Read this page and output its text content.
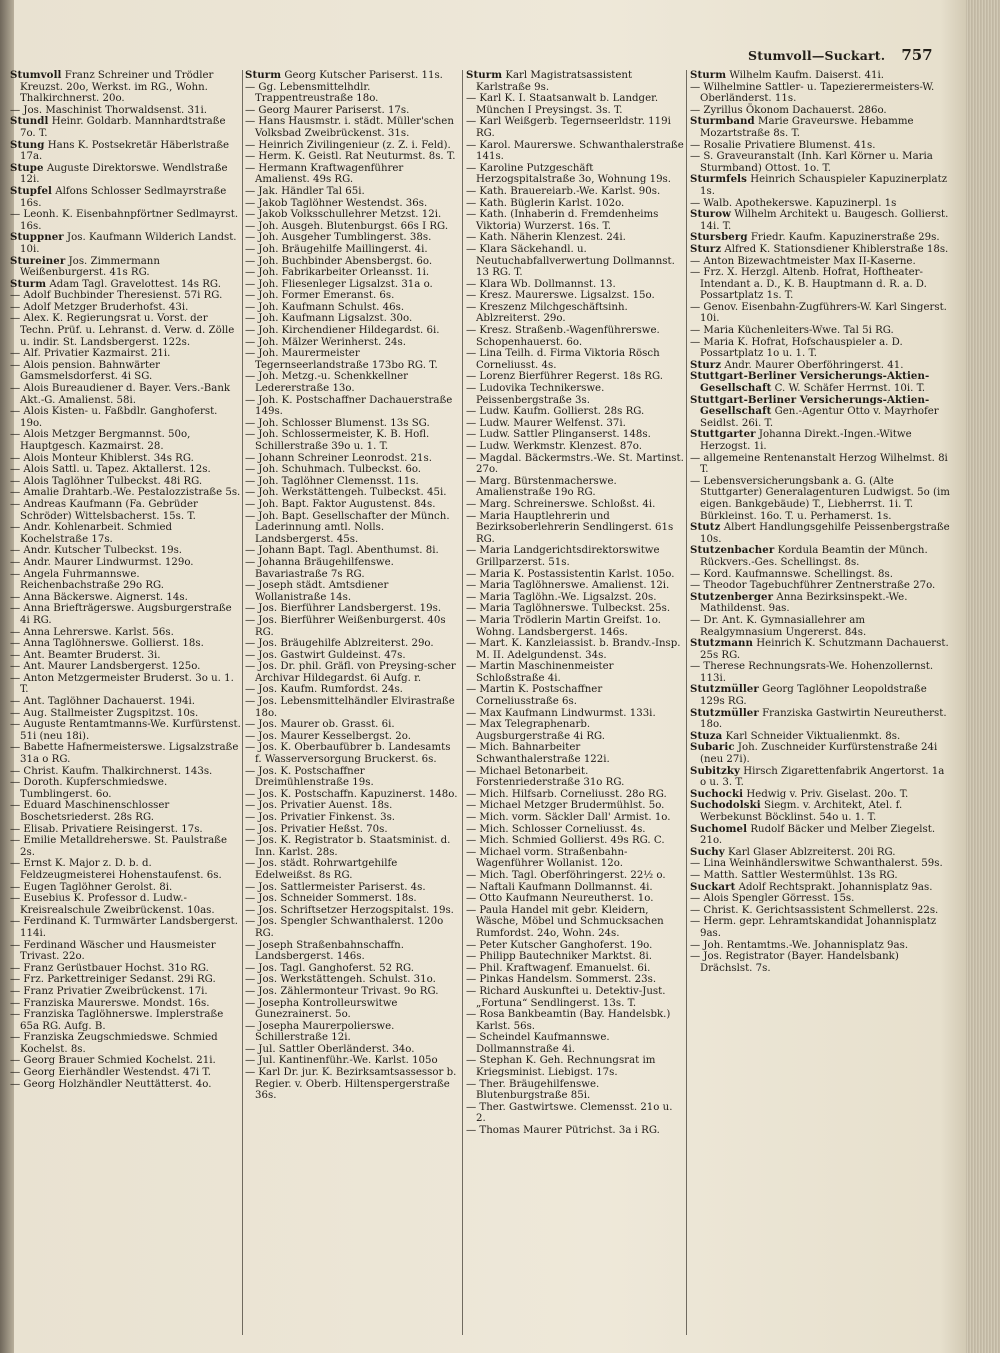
Stumvoll—Suckart. 757

Stumvoll Franz Schreiner und Trödler Kreuzst. 20o, Werkst. im RG., Wohn. Thalkirchnerst. 20o.

— Jos. Maschinist Thorwaldsenst. 31i.

Stundl Heinr. Goldarb. Mannhardtstraße 7o. T.

Stung Hans K. Postsekretär Häberlstraße 17a.

Stupe Auguste Direktorswe. Wendlstraße 12i.

Stupfel Alfons Schlosser Sedlmayrstraße 16s.

— Leonh. K. Eisenbahnpförtner Sedlmayrst. 16s.

Stuppner Jos. Kaufmann Wilderich Landst. 10i.

Stureiner Jos. Zimmermann Weißenburgerst. 41s RG.

Sturm Adam Tagl. Gravelottest. 14s RG.

— Adolf Buchbinder Theresienst. 57i RG.

— Adolf Metzger Bruderhofst. 43i.

— Alex. K. Regierungsrat u. Vorst. der Techn. Prüf. u. Lehranst. d. Verw. d. Zölle u. indir. St. Landsbergerst. 122s.

— Alf. Privatier Kazmairst. 21i.

— Alois pension. Bahnwärter Gamsmelsdorferst. 4i SG.

— Alois Bureaudiener d. Bayer. Vers.-Bank Akt.-G. Amalienst. 58i.

— Alois Kisten- u. Faßbdlr. Ganghoferst. 19o.

— Alois Metzger Bergmannst. 50o, Hauptgesch. Kazmairst. 28.

— Alois Monteur Khiblerst. 34s RG.

— Alois Sattl. u. Tapez. Aktallerst. 12s.

— Alois Taglöhner Tulbeckst. 48i RG.

— Amalie Drahtarb.-We. Pestalozzistraße 5s.

— Andreas Kaufmann (Fa. Gebrüder Schröder) Wittelsbacherst. 15s. T.

— Andr. Kohlenarbeit. Schmied Kochelstraße 17s.

— Andr. Kutscher Tulbeckst. 19s.

— Andr. Maurer Lindwurmst. 129o.

— Angela Fuhrmannswe. Reichenbachstraße 29o RG.

— Anna Bäckerswe. Aignerst. 14s.

— Anna Briefträgerswe. Augsburgerstraße 4i RG.

— Anna Lehrerswe. Karlst. 56s.

— Anna Taglöhnerswe. Gollierst. 18s.

— Ant. Beamter Bruderst. 3i.

— Ant. Maurer Landsbergerst. 125o.

— Anton Metzgermeister Bruderst. 3o u. 1. T.

— Ant. Taglöhner Dachauerst. 194i.

— Aug. Stallmeister Zugspitzst. 10s.

— Auguste Rentamtmanns-We. Kurfürstenst. 51i (neu 18i).

— Babette Hafnermeisterswe. Ligsalzstraße 31a o RG.

— Christ. Kaufm. Thalkirchnerst. 143s.

— Doroth. Kupferschmiedswe. Tumblingerst. 6o.

— Eduard Maschinenschlosser Boschetsriederst. 28s RG.

— Elisab. Privatiere Reisingerst. 17s.

— Emilie Metalldreherswe. St. Paulstraße 2s.

— Ernst K. Major z. D. b. d. Feldzeugmeisterei Hohenstaufenst. 6s.

— Eugen Taglöhner Gerolst. 8i.

— Eusebius K. Professor d. Ludw.-Kreisrealschule Zweibrückenst. 10as.

— Ferdinand K. Turmwärter Landsbergerst. 114i.

— Ferdinand Wäscher und Hausmeister Trivast. 22o.

— Franz Gerüstbauer Hochst. 31o RG.

— Frz. Parkettreiniger Sedanst. 29i RG.

— Franz Privatier Zweibrückenst. 17i.

— Franziska Maurerswe. Mondst. 16s.

— Franziska Taglöhnerswe. Implerstraße 65a RG. Aufg. B.

— Franziska Zeugschmiedswe. Schmied Kochelst. 8s.

— Georg Brauer Schmied Kochelst. 21i.

— Georg Eierhändler Westendst. 47i T.

— Georg Holzhändler Neuttätterst. 4o.

Sturm Georg Kutscher Pariserst. 11s.

— Gg. Lebensmittelhdlr. Trappentreustraße 18o.

— Georg Maurer Pariserst. 17s.

— Hans Hausmstr. i. städt. Müller'schen Volksbad Zweibrückenst. 31s.

— Heinrich Zivilingenieur (z. Z. i. Feld).

— Herm. K. Geistl. Rat Neuturmst. 8s. T.

— Hermann Kraftwagenführer Amalienst. 49s RG.

— Jak. Händler Tal 65i.

— Jakob Taglöhner Westendst. 36s.

— Jakob Volksschullehrer Metzst. 12i.

— Joh. Ausgeh. Blutenburgst. 66s I RG.

— Joh. Ausgeher Tumblingerst. 38s.

— Joh. Bräugehilfe Maillingerst. 4i.

— Joh. Buchbinder Abensbergst. 6o.

— Joh. Fabrikarbeiter Orleansst. 1i.

— Joh. Fliesenleger Ligsalzst. 31a o.

— Joh. Former Emeranst. 6s.

— Joh. Kaufmann Schulst. 46s.

— Joh. Kaufmann Ligsalzst. 30o.

— Joh. Kirchendiener Hildegardst. 6i.

— Joh. Mälzer Werinherst. 24s.

— Joh. Maurermeister Tegernseerlandstraße 173bo RG. T.

— Joh. Metzg.-u. Schenkkellner Ledererstraße 13o.

— Joh. K. Postschaffner Dachauerstraße 149s.

— Joh. Schlosser Blumenst. 13s SG.

— Joh. Schlossermeister, K. B. Hofl. Schillerstraße 39o u. 1. T.

— Johann Schreiner Leonrodst. 21s.

— Joh. Schuhmach. Tulbeckst. 6o.

— Joh. Taglöhner Clemensst. 11s.

— Joh. Werkstättengeh. Tulbeckst. 45i.

— Joh. Bapt. Faktor Augustenst. 84s.

— Joh. Bapt. Gesellschafter der Münch. Laderinnung amtl. Nolls. Landsbergerst. 45s.

— Johann Bapt. Tagl. Abenthumst. 8i.

— Johanna Bräugehilfenswe. Bavariastraße 7s RG.

— Joseph städt. Amtsdiener Wollanistraße 14s.

— Jos. Bierführer Landsbergerst. 19s.

— Jos. Bierführer Weißenburgerst. 40s RG.

— Jos. Bräugehilfe Ablzreiterst. 29o.

— Jos. Gastwirt Guldeinst. 47s.

— Jos. Dr. phil. Gräfl. von Preysing-scher Archivar Hildegardst. 6i Aufg. r.

— Jos. Kaufm. Rumfordst. 24s.

— Jos. Lebensmittelhändler Elvirastraße 18o.

— Jos. Maurer ob. Grasst. 6i.

— Jos. Maurer Kesselbergst. 2o.

— Jos. K. Oberbaufübrer b. Landesamts f. Wasserversorgung Bruckerst. 6s.

— Jos. K. Postschaffner Dreimühlenstraße 19s.

— Jos. K. Postschaffn. Kapuzinerst. 148o.

— Jos. Privatier Auenst. 18s.

— Jos. Privatier Finkenst. 3s.

— Jos. Privatier Heßst. 70s.

— Jos. K. Registrator b. Staatsminist. d. Inn. Karlst. 28s.

— Jos. städt. Rohrwartgehilfe Edelweißst. 8s RG.

— Jos. Sattlermeister Pariserst. 4s.

— Jos. Schneider Sommerst. 18s.

— Jos. Schriftsetzer Herzogspitalst. 19s.

— Jos. Spengler Schwanthalerst. 120o RG.

— Joseph Straßenbahnschaffn. Landsbergerst. 146s.

— Jos. Tagl. Ganghoferst. 52 RG.

— Jos. Werkstättengeh. Schulst. 31o.

— Jos. Zählermonteur Trivast. 9o RG.

— Josepha Kontrolleurswitwe Gunezrainerst. 5o.

— Josepha Maurerpolierswe. Schillerstraße 12i.

— Jul. Sattler Oberländerst. 34o.

— Jul. Kantinenführ.-We. Karlst. 105o

— Karl Dr. jur. K. Bezirksamtsassessor b. Regier. v. Oberb. Hiltenspergerstraße 36s.

Sturm Karl Magistratsassistent Karlstraße 9s.

— Karl K. I. Staatsanwalt b. Landger. München I Preysingst. 3s. T.

— Karl Weißgerb. Tegernseerldstr. 119i RG.

— Karol. Maurerswe. Schwanthalerstraße 141s.

— Karoline Putzgeschäft Herzogspitalstraße 3o, Wohnung 19s.

— Kath. Brauereiarb.-We. Karlst. 90s.

— Kath. Büglerin Karlst. 102o.

— Kath. (Inhaberin d. Fremdenheims Viktoria) Wurzerst. 16s. T.

— Kath. Näherin Klenzest. 24i.

— Klara Säckehandl. u. Neutuchabfallverwertung Dollmannst. 13 RG. T.

— Klara Wb. Dollmannst. 13.

— Kresz. Maurerswe. Ligsalzst. 15o.

— Kreszenz Milchgeschäftsinh. Ablzreiterst. 29o.

— Kresz. Straßenb.-Wagenführerswe. Schopenhauerst. 6o.

— Lina Teilh. d. Firma Viktoria Rösch Corneliusst. 4s.

— Lorenz Bierführer Regerst. 18s RG.

— Ludovika Technikerswe. Peissenbergstraße 3s.

— Ludw. Kaufm. Gollierst. 28s RG.

— Ludw. Maurer Welfenst. 37i.

— Ludw. Sattler Plinganserst. 148s.

— Ludw. Werkmstr. Klenzest. 87o.

— Magdal. Bäckermstrs.-We. St. Martinst. 27o.

— Marg. Bürstenmacherswe. Amalienstraße 19o RG.

— Marg. Schreinerswe. Schloßst. 4i.

— Maria Hauptlehrerin und Bezirksoberlehrerin Sendlingerst. 61s RG.

— Maria Landgerichtsdirektorswitwe Grillparzerst. 51s.

— Maria K. Postassistentin Karlst. 105o.

— Maria Taglöhnerswe. Amalienst. 12i.

— Maria Taglöhn.-We. Ligsalzst. 20s.

— Maria Taglöhnerswe. Tulbeckst. 25s.

— Maria Trödlerin Martin Greifst. 1o. Wohng. Landsbergerst. 146s.

— Mart. K. Kanzleiassist. b. Brandv.-Insp. M. II. Adelgundenst. 34s.

— Martin Maschinenmeister Schloßstraße 4i.

— Martin K. Postschaffner Corneliusstraße 6s.

— Max Kaufmann Lindwurmst. 133i.

— Max Telegraphenarb. Augsburgerstraße 4i RG.

— Mich. Bahnarbeiter Schwanthalerstraße 122i.

— Michael Betonarbeit. Forstenriederstraße 31o RG.

— Mich. Hilfsarb. Corneliusst. 28o RG.

— Michael Metzger Brudermühlst. 5o.

— Mich. vorm. Säckler Dall' Armist. 1o.

— Mich. Schlosser Corneliusst. 4s.

— Mich. Schmied Gollierst. 49s RG. C.

— Michael vorm. Straßenbahn-Wagenführer Wollanist. 12o.

— Mich. Tagl. Oberföhringerst. 22½ o.

— Naftali Kaufmann Dollmannst. 4i.

— Otto Kaufmann Neureutherst. 1o.

— Paula Handel mit gebr. Kleidern, Wäsche, Möbel und Schmucksachen Rumfordst. 24o, Wohn. 24s.

— Peter Kutscher Ganghoferst. 19o.

— Philipp Bautechniker Marktst. 8i.

— Phil. Kraftwagenf. Emanuelst. 6i.

— Pinkas Handelsm. Sommerst. 23s.

— Richard Auskunftei u. Detektiv-Just. „Fortuna“ Sendlingerst. 13s. T.

— Rosa Bankbeamtin (Bay. Handelsbk.) Karlst. 56s.

— Scheindel Kaufmannswe. Dollmannstraße 4i.

— Stephan K. Geh. Rechnungsrat im Kriegsminist. Liebigst. 17s.

— Ther. Bräugehilfenswe. Blutenburgstraße 85i.

— Ther. Gastwirtswe. Clemensst. 21o u. 2.

— Thomas Maurer Pütrichst. 3a i RG.

Sturm Wilhelm Kaufm. Daiserst. 41i.

— Wilhelmine Sattler- u. Tapezierermeisters-W. Oberländerst. 11s.

— Zyrillus Ökonom Dachauerst. 286o.

Sturmband Marie Graveurswe. Hebamme Mozartstraße 8s. T.

— Rosalie Privatiere Blumenst. 41s.

— S. Graveuranstalt (Inh. Karl Körner u. Maria Sturmband) Ottost. 1o. T.

Sturmfels Heinrich Schauspieler Kapuzinerplatz 1s.

— Walb. Apothekerswe. Kapuzinerpl. 1s

Sturow Wilhelm Architekt u. Baugesch. Gollierst. 14i. T.

Stursberg Friedr. Kaufm. Kapuzinerstraße 29s.

Sturz Alfred K. Stationsdiener Khiblerstraße 18s.

— Anton Bizewachtmeister Max II-Kaserne.

— Frz. X. Herzgl. Altenb. Hofrat, Hoftheater-Intendant a. D., K. B. Hauptmann d. R. a. D. Possartplatz 1s. T.

— Genov. Eisenbahn-Zugführers-W. Karl Singerst. 10i.

— Maria Küchenleiters-Wwe. Tal 5i RG.

— Maria K. Hofrat, Hofschauspieler a. D. Possartplatz 1o u. 1. T.

Sturz Andr. Maurer Oberföhringerst. 41.

Stuttgart-Berliner Versicherungs-Aktien-Gesellschaft C. W. Schäfer Herrnst. 10i. T.

Stuttgart-Berliner Versicherungs-Aktien-Gesellschaft Gen.-Agentur Otto v. Mayrhofer Seidlst. 26i. T.

Stuttgarter Johanna Direkt.-Ingen.-Witwe Herzogst. 1i.

— allgemeine Rentenanstalt Herzog Wilhelmst. 8i T.

— Lebensversicherungsbank a. G. (Alte Stuttgarter) Generalagenturen Ludwigst. 5o (im eigen. Bankgebäude) T., Liebherrst. 1i. T. Bürkleinst. 16o. T. u. Perhamerst. 1s.

Stutz Albert Handlungsgehilfe Peissenbergstraße 10s.

Stutzenbacher Kordula Beamtin der Münch. Rückvers.-Ges. Schellingst. 8s.

— Kord. Kaufmannswe. Schellingst. 8s.

— Theodor Tagebuchführer Zentnerstraße 27o.

Stutzenberger Anna Bezirksinspekt.-We. Mathildenst. 9as.

— Dr. Ant. K. Gymnasiallehrer am Realgymnasium Ungererst. 84s.

Stutzmann Heinrich K. Schutzmann Dachauerst. 25s RG.

— Therese Rechnungsrats-We. Hohenzollernst. 113i.

Stutzmüller Georg Taglöhner Leopoldstraße 129s RG.

Stutzmüller Franziska Gastwirtin Neureutherst. 18o.

Stuza Karl Schneider Viktualienmkt. 8s.

Subaric Joh. Zuschneider Kurfürstenstraße 24i (neu 27i).

Subitzky Hirsch Zigarettenfabrik Angertorst. 1a o u. 3. T.

Suchocki Hedwig v. Priv. Giselast. 20o. T.

Suchodolski Siegm. v. Architekt, Atel. f. Werbekunst Böcklinst. 54o u. 1. T.

Suchomel Rudolf Bäcker und Melber Ziegelst. 21o.

Suchy Karl Glaser Ablzreiterst. 20i RG.

— Lina Weinhändlerswitwe Schwanthalerst. 59s.

— Matth. Sattler Westermühlst. 13s RG.

Suckart Adolf Rechtsprakt. Johannisplatz 9as.

— Alois Spengler Görresst. 15s.

— Christ. K. Gerichtsassistent Schmellerst. 22s.

— Herm. gepr. Lehramtskandidat Johannisplatz 9as.

— Joh. Rentamtms.-We. Johannisplatz 9as.

— Jos. Registrator (Bayer. Handelsbank) Drächslst. 7s.
